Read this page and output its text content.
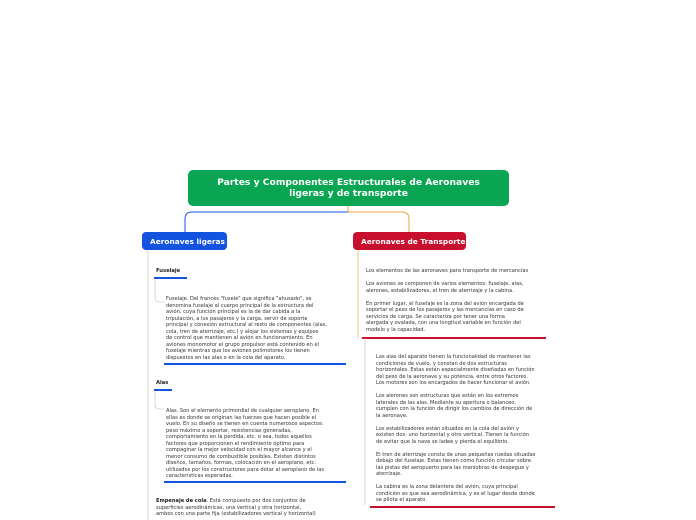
Partes y Componentes Estructurales de Aeronaves ligeras y de transporte
Aeronaves ligeras	Aeronaves de Transporte
Fuselaje
Fuselaje. Del francés "fuselé" que significa "ahusado", se
denomina fuselaje al cuerpo principal de la estructura del
avión, cuya función principal es la de dar cabida a la
tripulación, a los pasajeros y la carga, servir de soporte
principal y conexión estructural al resto de componentes (alas,
cola, tren de aterrizaje, etc.) y alojar los sistemas y equipos
de control que mantienen al avión en funcionamiento. En
aviones monomotor el grupo propulsor está contenido en el
fuselaje mientras que los aviones polimotores los tienen
dispuestos en las alas o en la cola del aparato.
Alas
Alas. Son el elemento primordial de cualquier aeroplano. En
ellas es donde se originan las fuerzas que hacen posible el
vuelo. En su diseño se tienen en cuenta numerosos aspectos:
peso máximo a soportar, resistencias generadas,
comportamiento en la pérdida, etc. o sea, todos aquellos
factores que proporcionen el rendimiento óptimo para
compaginar la mejor velocidad con el mayor alcance y el
menor consumo de combustible posibles. Existen distintos
diseños, tamaños, formas, colocación en el aeroplano, etc.
utilizados por los constructores para dotar al aeroplano de las
características esperadas.
Empenaje de cola. Está compuesto por dos conjuntos de
superficies aerodinámicas, una vertical y otra horizontal,
ambos con una parte fija (estabilizadores vertical y horizontal)
Los elementos de las aeronaves para transporte de mercancías

Los aviones se componen de varios elementos: fuselaje, alas,
alerones, estabilizadores, el tren de aterrizaje y la cabina.

En primer lugar, el fuselaje es la zona del avión encargada de
soportar el peso de los pasajeros y las mercancías en caso de
servicios de carga. Se caracteriza por tener una forma
alargada y ovalada, con una longitud variable en función del
modelo y la capacidad.
Las alas del aparato tienen la funcionalidad de mantener las
condiciones de vuelo, y constan de dos estructuras
horizontales. Estas están especialmente diseñadas en función
del peso de la aeronave y su potencia, entre otros factores.
Los motores son los encargados de hacer funcionar el avión.

Los alerones son estructuras que están en los extremos
laterales de las alas. Mediante su apertura o balanceo,
cumplen con la función de dirigir los cambios de dirección de
la aeronave.

Los estabilizadores están situados en la cola del avión y
existen dos: uno horizontal y otro vertical. Tienen la función
de evitar que la nave se ladee y pierda el equilibrio.

El tren de aterrizaje consta de unas pequeñas ruedas situadas
debajo del fuselaje. Estas tienen como función circular sobre
las pistas del aeropuerto para las maniobras de despegue y
aterrizaje.

La cabina es la zona delantera del avión, cuya principal
condición es que sea aerodinámica, y es el lugar desde donde
se pilota el aparato.
